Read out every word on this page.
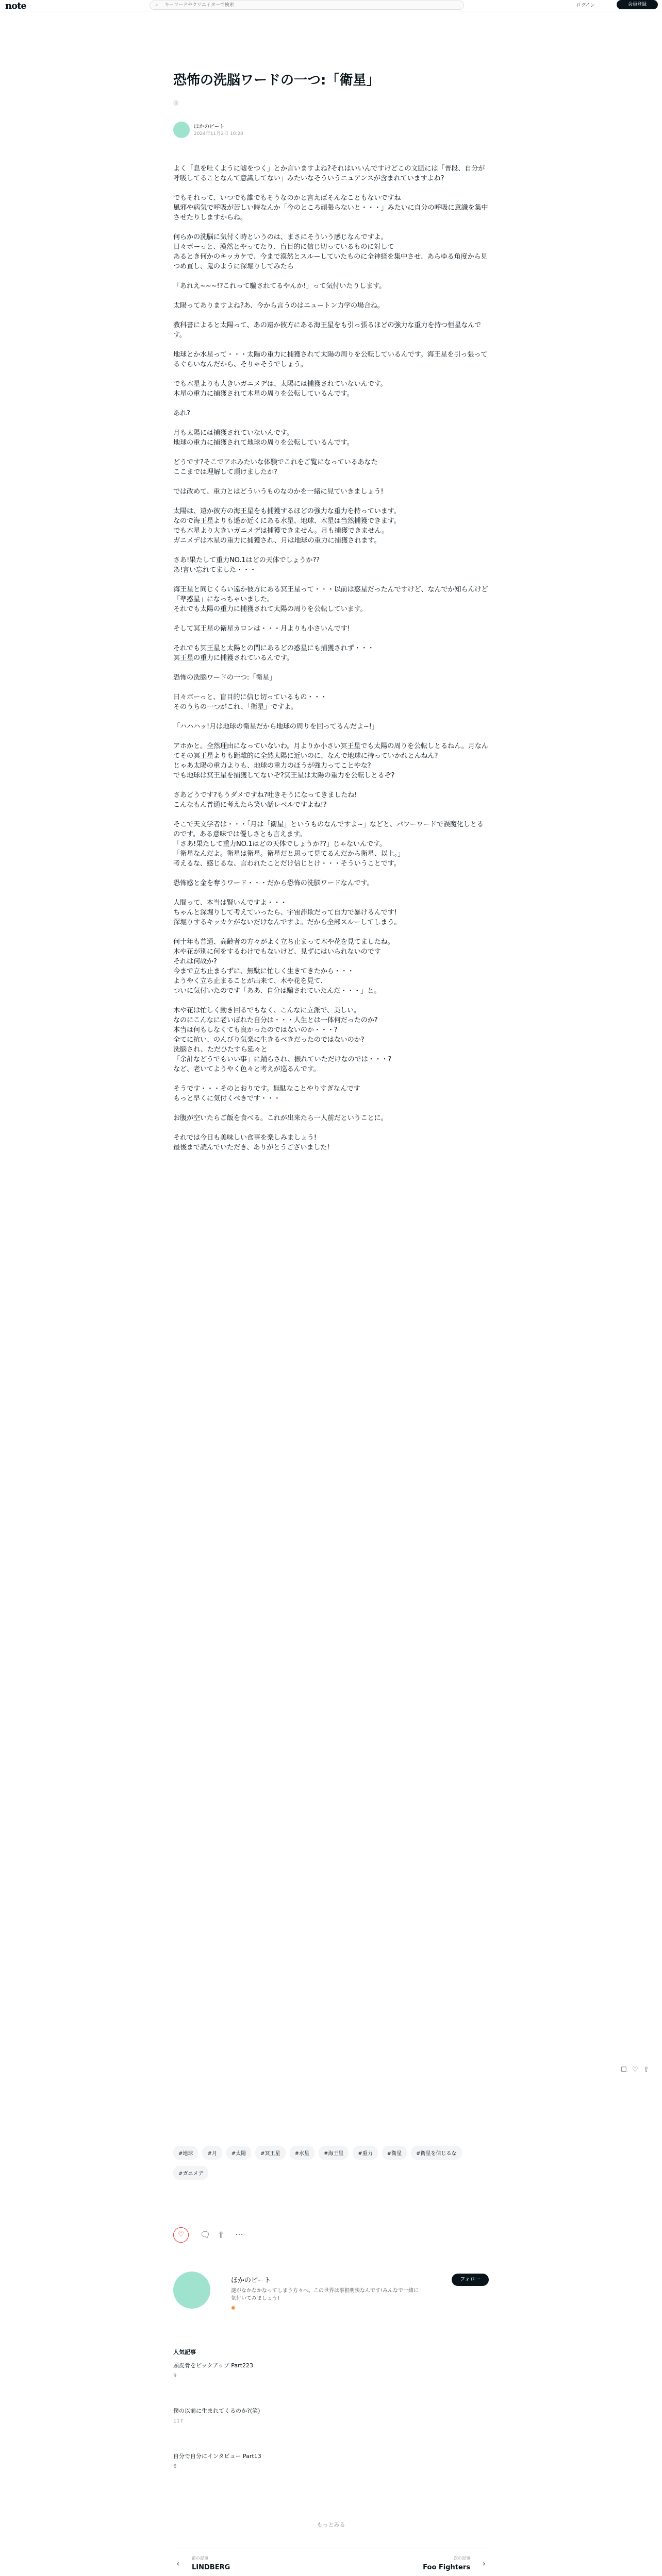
note	⌕
キーワードやクリエイターで検索	ログイン	会員登録
恐怖の洗脳ワードの一つ:「衛星」
◎
ほかのピート
2024年11月2日 10:20

よく「息を吐くように嘘をつく」とか言いますよね?それはいいんですけどこの文脈には「普段、自分が呼吸してることなんて意識してない」みたいなそういうニュアンスが含まれていますよね?

でもそれって、いつでも誰でもそうなのかと言えばそんなこともないですね
風邪や病気で呼吸が苦しい時なんか「今のところ頑張らないと・・・」みたいに自分の呼吸に意識を集中させたりしますからね。

何らかの洗脳に気付く時というのは、まさにそういう感じなんですよ。
日々ボーっと、漠然とやってたり、盲目的に信じ切っているものに対して
あるとき何かのキッカケで、今まで漠然とスルーしていたものに全神経を集中させ、あらゆる角度から見つめ直し、鬼のように深堀りしてみたら

「あれえ~~~!?これって騙されてるやんか!」って気付いたりします。

太陽ってありますよね?あ、今から言うのはニュートン力学の場合ね。

教科書によると太陽って、あの遠か彼方にある海王星をも引っ張るほどの強力な重力を持つ恒星なんです。

地球とか水星って・・・太陽の重力に捕獲されて太陽の周りを公転しているんです。海王星を引っ張ってるぐらいなんだから、そりゃそうでしょう。

でも木星よりも大きいガニメデは、太陽には捕獲されていないんです。
木星の重力に捕獲されて木星の周りを公転しているんです。

あれ?

月も太陽には捕獲されていないんです。
地球の重力に捕獲されて地球の周りを公転しているんです。

どうです?そこでアホみたいな体験でこれをご覧になっているあなた
ここまでは理解して頂けましたか?

では改めて、重力とはどういうものなのかを一緒に見ていきましょう!

太陽は、遠か彼方の海王星をも捕獲するほどの強力な重力を持っています。
なので海王星よりも遥か近くにある水星、地球、木星は当然捕獲できます。
でも木星より大きいガニメデは捕獲できません。月も捕獲できません。
ガニメデは木星の重力に捕獲され、月は地球の重力に捕獲されます。

さあ!果たして重力NO.1はどの天体でしょうか??
あ!言い忘れてました・・・

海王星と同じくらい遠か彼方にある冥王星って・・・以前は惑星だったんですけど、なんでか知らんけど「準惑星」になっちゃいました。
それでも太陽の重力に捕獲されて太陽の周りを公転しています。

そして冥王星の衛星カロンは・・・月よりも小さいんです!

それでも冥王星と太陽との間にあるどの惑星にも捕獲されず・・・
冥王星の重力に捕獲されているんです。

恐怖の洗脳ワードの一つ:「衛星」

日々ボーっと、盲目的に信じ切っているもの・・・
そのうちの一つがこれ、「衛星」ですよ。

「ハハハッ!月は地球の衛星だから地球の周りを回ってるんだよ~!」

アホかと。全然理由になっていないわ。月よりか小さい冥王星でも太陽の周りを公転しとるねん。月なんてその冥王星よりも距離的に全然太陽に近いのに、なんで地球に持っていかれとんねん?
じゃあ太陽の重力よりも、地球の重力のほうが強力ってことやな?
でも地球は冥王星を捕獲してないぞ?冥王星は太陽の重力を公転しとるぞ?

さあどうです?もうダメですね?吐きそうになってきましたね!
こんなもん普通に考えたら笑い話レベルですよね!?

そこで天文学者は・・・「月は「衛星」というものなんですよ~」などと、パワーワードで誤魔化しとるのです。ある意味では優しさとも言えます。
「さあ!果たして重力NO.1はどの天体でしょうか??」じゃないんです。
「衛星なんだよ。衛星は衛星。衛星だと思って見てるんだから衛星、以上。」
考えるな、感じるな、言われたことだけ信じとけ・・・そういうことです。

恐怖感と金を奪うワード・・・だから恐怖の洗脳ワードなんです。

人間って、本当は賢いんですよ・・・
ちゃんと深堀りして考えていったら、宇宙詐欺だって自力で暴けるんです!
深堀りするキッカケがないだけなんですよ。だから全部スルーしてしまう。

何十年も普通、高齢者の方々がよく立ち止まって木や花を見てましたね。
木や花が別に何をするわけでもないけど、見ずにはいられないのです
それは何故か?
今まで立ち止まらずに、無駄に忙しく生きてきたから・・・
ようやく立ち止まることが出来て、木や花を見て、
ついに気付いたのです「ああ、自分は騙されていたんだ・・・」と。

木や花は忙しく動き回るでもなく、こんなに立派で、美しい。
なのにこんなに老いぼれた自分は・・・人生とは一体何だったのか?
本当は何もしなくても良かったのではないのか・・・?
全てに抗い、のんびり気楽に生きるべきだったのではないのか?
洗脳され、ただひたすら延々と
「余計などうでもいい事」に踊らされ、振れていただけなのでは・・・?
など、老いてようやく色々と考えが巡るんです。

そうです・・・そのとおりです。無駄なことやりすぎなんです
もっと早くに気付くべきです・・・

お腹が空いたらご飯を食べる。これが出来たら一人前だということに。

それでは今日も美味しい食事を楽しみましょう!
最後まで読んでいただき、ありがとうございました!

#地球	#月	#太陽	#冥王星	#水星	#海王星	#重力	#衛星	#衛星を信じるな
#ガニメデ
♡	🗨︎ ⇧ ⋯
ほかのピート
謎がなかなかなってしまう方々へ。この世界は事根明快なんです!みんなで一緒に気付いてみましょう!
◉
フォロー
人気記事
頭皮骨をピックアップ Part223
9
僕の以前に生まれてくるのか?(笑)
117
自分で自分にインタビュー Part13
6
もっとみる
‹
前の記事
LINDBERG
次の記事
Foo Fighters ›
☐ ♡ ⇧
